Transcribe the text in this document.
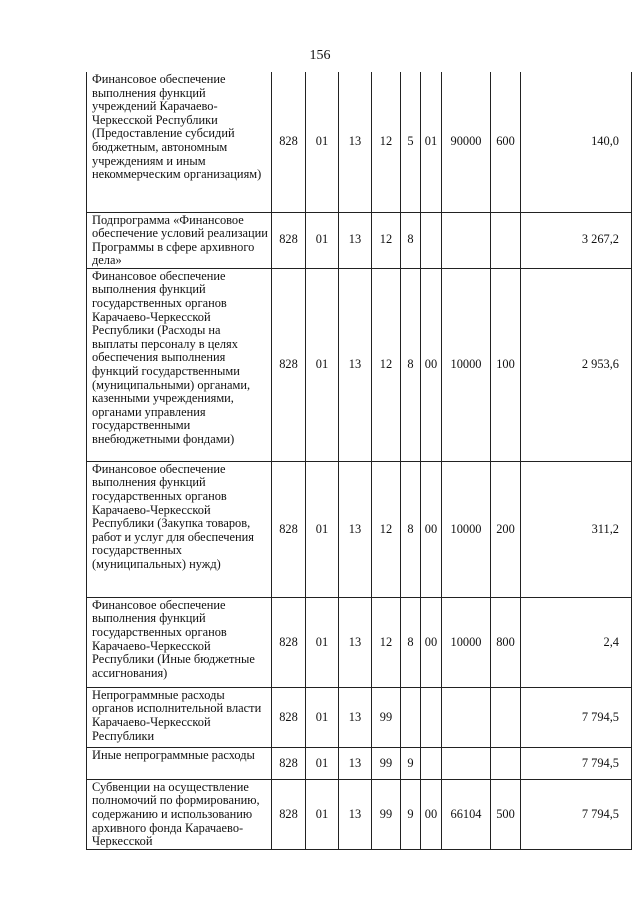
156
Финансовое обеспечение выполнения функций учреждений Карачаево-Черкесской Республики (Предоставление субсидий бюджетным, автономным учреждениям и иным некоммерческим организациям)	828	01	13	12	5	01	90000	600	140,0
Подпрограмма «Финансовое обеспечение условий реализации Программы в сфере архивного дела»	828	01	13	12	8				3 267,2
Финансовое обеспечение выполнения функций государственных органов Карачаево-Черкесской Республики (Расходы на выплаты персоналу в целях обеспечения выполнения функций государственными (муниципальными) органами, казенными учреждениями, органами управления государственными внебюджетными фондами)	828	01	13	12	8	00	10000	100	2 953,6
Финансовое обеспечение выполнения функций государственных органов Карачаево-Черкесской Республики (Закупка товаров, работ и услуг для обеспечения государственных (муниципальных) нужд)	828	01	13	12	8	00	10000	200	311,2
Финансовое обеспечение выполнения функций государственных органов Карачаево-Черкесской Республики (Иные бюджетные ассигнования)	828	01	13	12	8	00	10000	800	2,4
Непрограммные расходы органов исполнительной власти Карачаево-Черкесской Республики	828	01	13	99					7 794,5
Иные непрограммные расходы	828	01	13	99	9				7 794,5
Субвенции на осуществление полномочий по формированию, содержанию и использованию архивного фонда Карачаево-Черкесской	828	01	13	99	9	00	66104	500	7 794,5
